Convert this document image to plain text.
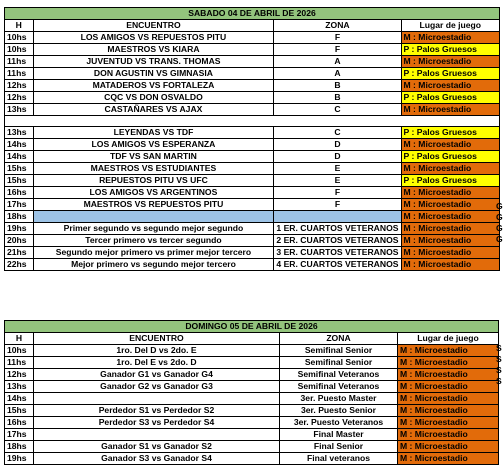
SABADO 04 DE ABRIL DE 2026			
H	ENCUENTRO	ZONA	Lugar de juego
10hs	LOS AMIGOS VS REPUESTOS PITU	F	M : Microestadio
10hs	MAESTROS VS KIARA	F	P : Palos Gruesos
11hs	JUVENTUD VS TRANS. THOMAS	A	M : Microestadio
11hs	DON AGUSTIN VS GIMNASIA	A	P : Palos Gruesos
12hs	MATADEROS VS FORTALEZA	B	M : Microestadio
12hs	CQC VS DON OSVALDO	B	P : Palos Gruesos
13hs	CASTAÑARES VS AJAX	C	M : Microestadio

13hs	LEYENDAS VS TDF	C	P : Palos Gruesos
14hs	LOS AMIGOS VS ESPERANZA	D	M : Microestadio
14hs	TDF VS SAN MARTIN	D	P : Palos Gruesos
15hs	MAESTROS VS ESTUDIANTES	E	M : Microestadio
15hs	REPUESTOS PITU VS UFC	E	P : Palos Gruesos
16hs	LOS AMIGOS VS ARGENTINOS	F	M : Microestadio
17hs	MAESTROS VS REPUESTOS PITU	F	M : Microestadio
18hs			M : Microestadio
19hs	Primer segundo vs segundo mejor segundo	1 ER. CUARTOS VETERANOS	M : Microestadio
20hs	Tercer primero vs tercer segundo	2 ER. CUARTOS VETERANOS	M : Microestadio
21hs	Segundo mejor primero vs primer mejor tercero	3 ER. CUARTOS VETERANOS	M : Microestadio
22hs	Mejor primero vs segundo mejor tercero	4 ER. CUARTOS VETERANOS	M : Microestadio
DOMINGO 05 DE ABRIL DE 2026			
H	ENCUENTRO	ZONA	Lugar de juego
10hs	1ro. Del D vs 2do. E	Semifinal Senior	M : Microestadio
11hs	1ro. Del E vs 2do. D	Semifinal Senior	M : Microestadio
12hs	Ganador G1 vs Ganador G4	Semifinal Veteranos	M : Microestadio
13hs	Ganador G2 vs Ganador G3	Semifinal Veteranos	M : Microestadio
14hs		3er. Puesto Master	M : Microestadio
15hs	Perdedor S1 vs Perdedor S2	3er. Puesto Senior	M : Microestadio
16hs	Perdedor S3 vs Perdedor S4	3er. Puesto Veteranos	M : Microestadio
17hs		Final Master	M : Microestadio
18hs	Ganador S1 vs Ganador S2	Final Senior	M : Microestadio
19hs	Ganador S3 vs Ganador S4	Final veteranos	M : Microestadio
G
G
G
G
S
S
S
S
